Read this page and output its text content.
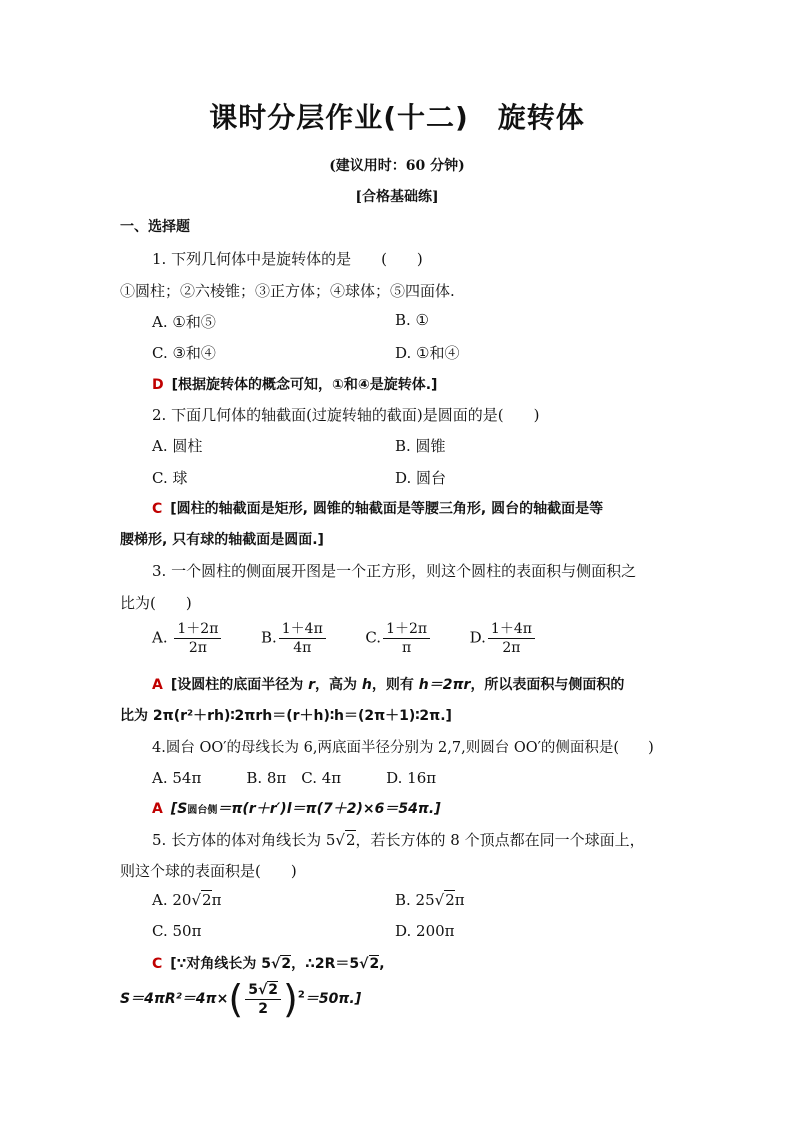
课时分层作业(十二)　旋转体
(建议用时：60 分钟)
[合格基础练]
一、选择题
1. 下列几何体中是旋转体的是　　(　　)
①圆柱；②六棱锥；③正方体；④球体；⑤四面体.
A. ①和⑤	B. ①
C. ③和④	D. ①和④
D [根据旋转体的概念可知，①和④是旋转体.]
2. 下面几何体的轴截面(过旋转轴的截面)是圆面的是(　　)
A. 圆柱	B. 圆锥
C. 球	D. 圆台
C [圆柱的轴截面是矩形, 圆锥的轴截面是等腰三角形, 圆台的轴截面是等
腰梯形, 只有球的轴截面是圆面.]
3. 一个圆柱的侧面展开图是一个正方形，则这个圆柱的表面积与侧面积之
比为(　　)
A. $\frac{1+2\pi}{2\pi}$	B. $\frac{1+4\pi}{4\pi}$	C. $\frac{1+2\pi}{\pi}$	D. $\frac{1+4\pi}{2\pi}$
A [设圆柱的底面半径为 r，高为 h，则有 h＝2πr，所以表面积与侧面积的
比为 2π(r²＋rh)∶2πrh＝(r＋h)∶h＝(2π＋1)∶2π.]
4.圆台 OO′的母线长为 6,两底面半径分别为 2,7,则圆台 OO′的侧面积是(　　)
A. 54π　　　B. 8π　C. 4π　　　D. 16π
A [S圆台侧＝π(r＋r′)l＝π(7＋2)×6＝54π.]
5. 长方体的体对角线长为 5√2，若长方体的 8 个顶点都在同一个球面上，
则这个球的表面积是(　　)
A. 20√2π	B. 25√2π
C. 50π	D. 200π
C [∵对角线长为 5√2，∴2R＝5√2,
$S=4\pi R^2=4\pi\times( \frac{5√2}{2} )^2=50\pi$.]
